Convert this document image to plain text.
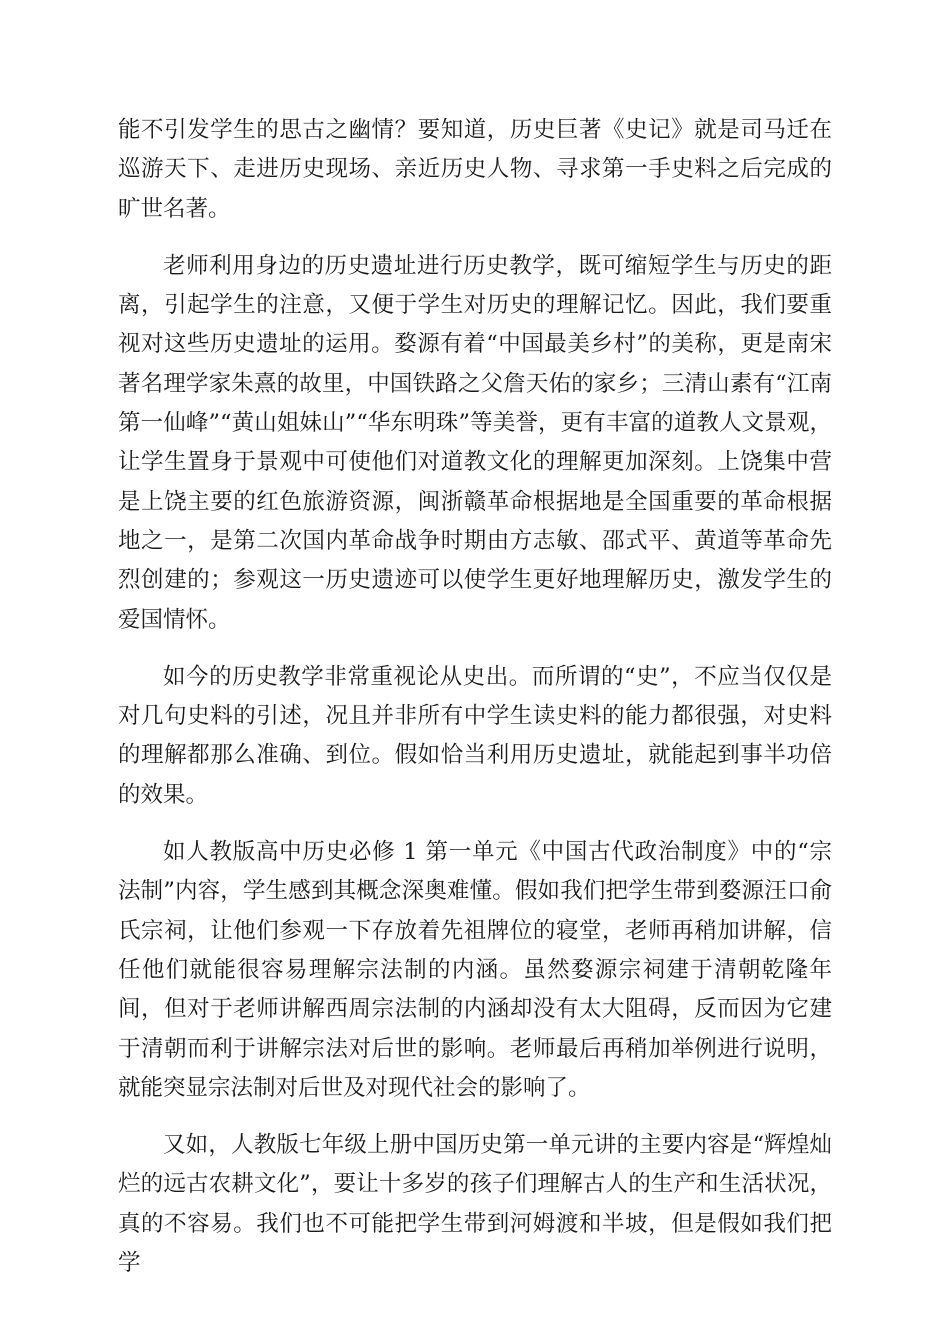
能不引发学生的思古之幽情？要知道，历史巨著《史记》就是司马迁在巡游天下、走进历史现场、亲近历史人物、寻求第一手史料之后完成的旷世名著。

老师利用身边的历史遗址进行历史教学，既可缩短学生与历史的距离，引起学生的注意，又便于学生对历史的理解记忆。因此，我们要重视对这些历史遗址的运用。婺源有着“中国最美乡村”的美称，更是南宋著名理学家朱熹的故里，中国铁路之父詹天佑的家乡；三清山素有“江南第一仙峰”“黄山姐妹山”“华东明珠”等美誉，更有丰富的道教人文景观，让学生置身于景观中可使他们对道教文化的理解更加深刻。上饶集中营是上饶主要的红色旅游资源，闽浙赣革命根据地是全国重要的革命根据地之一，是第二次国内革命战争时期由方志敏、邵式平、黄道等革命先烈创建的；参观这一历史遗迹可以使学生更好地理解历史，激发学生的爱国情怀。

如今的历史教学非常重视论从史出。而所谓的“史”，不应当仅仅是对几句史料的引述，况且并非所有中学生读史料的能力都很强，对史料的理解都那么准确、到位。假如恰当利用历史遗址，就能起到事半功倍的效果。

如人教版高中历史必修 1 第一单元《中国古代政治制度》中的“宗法制”内容，学生感到其概念深奥难懂。假如我们把学生带到婺源汪口俞氏宗祠，让他们参观一下存放着先祖牌位的寝堂，老师再稍加讲解，信任他们就能很容易理解宗法制的内涵。虽然婺源宗祠建于清朝乾隆年间，但对于老师讲解西周宗法制的内涵却没有太大阻碍，反而因为它建于清朝而利于讲解宗法对后世的影响。老师最后再稍加举例进行说明，就能突显宗法制对后世及对现代社会的影响了。

又如，人教版七年级上册中国历史第一单元讲的主要内容是“辉煌灿烂的远古农耕文化”，要让十多岁的孩子们理解古人的生产和生活状况，真的不容易。我们也不可能把学生带到河姆渡和半坡，但是假如我们把学
